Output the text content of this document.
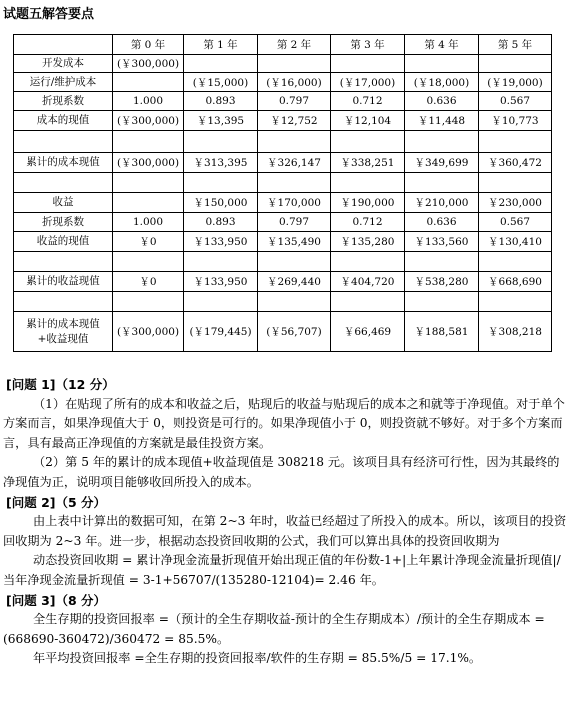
试题五解答要点
	第 0 年	第 1 年	第 2 年	第 3 年	第 4 年	第 5 年
开发成本	(￥300,000)					
运行/维护成本		(￥15,000)	(￥16,000)	(￥17,000)	(￥18,000)	(￥19,000)
折现系数	1.000	0.893	0.797	0.712	0.636	0.567
成本的现值	(￥300,000)	￥13,395	￥12,752	￥12,104	￥11,448	￥10,773

累计的成本现值	(￥300,000)	￥313,395	￥326,147	￥338,251	￥349,699	￥360,472

收益		￥150,000	￥170,000	￥190,000	￥210,000	￥230,000
折现系数	1.000	0.893	0.797	0.712	0.636	0.567
收益的现值	￥0	￥133,950	￥135,490	￥135,280	￥133,560	￥130,410

累计的收益现值	￥0	￥133,950	￥269,440	￥404,720	￥538,280	￥668,690

累计的成本现值
+收益现值	(￥300,000)	(￥179,445)	(￥56,707)	￥66,469	￥188,581	￥308,218

[问题 1]（12 分）

（1）在贴现了所有的成本和收益之后，贴现后的收益与贴现后的成本之和就等于净现值。对于单个方案而言，如果净现值大于 0，则投资是可行的。如果净现值小于 0，则投资就不够好。对于多个方案而言，具有最高正净现值的方案就是最佳投资方案。

（2）第 5 年的累计的成本现值+收益现值是 308218 元。该项目具有经济可行性，因为其最终的净现值为正，说明项目能够收回所投入的成本。

[问题 2]（5 分）

由上表中计算出的数据可知，在第 2~3 年时，收益已经超过了所投入的成本。所以，该项目的投资回收期为 2~3 年。进一步，根据动态投资回收期的公式，我们可以算出具体的投资回收期为

动态投资回收期 = 累计净现金流量折现值开始出现正值的年份数-1+|上年累计净现金流量折现值|/当年净现金流量折现值 = 3-1+56707/(135280-12104)= 2.46 年。

[问题 3]（8 分）

全生存期的投资回报率 =（预计的全生存期收益-预计的全生存期成本）/预计的全生存期成本 = (668690-360472)/360472 = 85.5%。

年平均投资回报率 =全生存期的投资回报率/软件的生存期 = 85.5%/5 = 17.1%。
